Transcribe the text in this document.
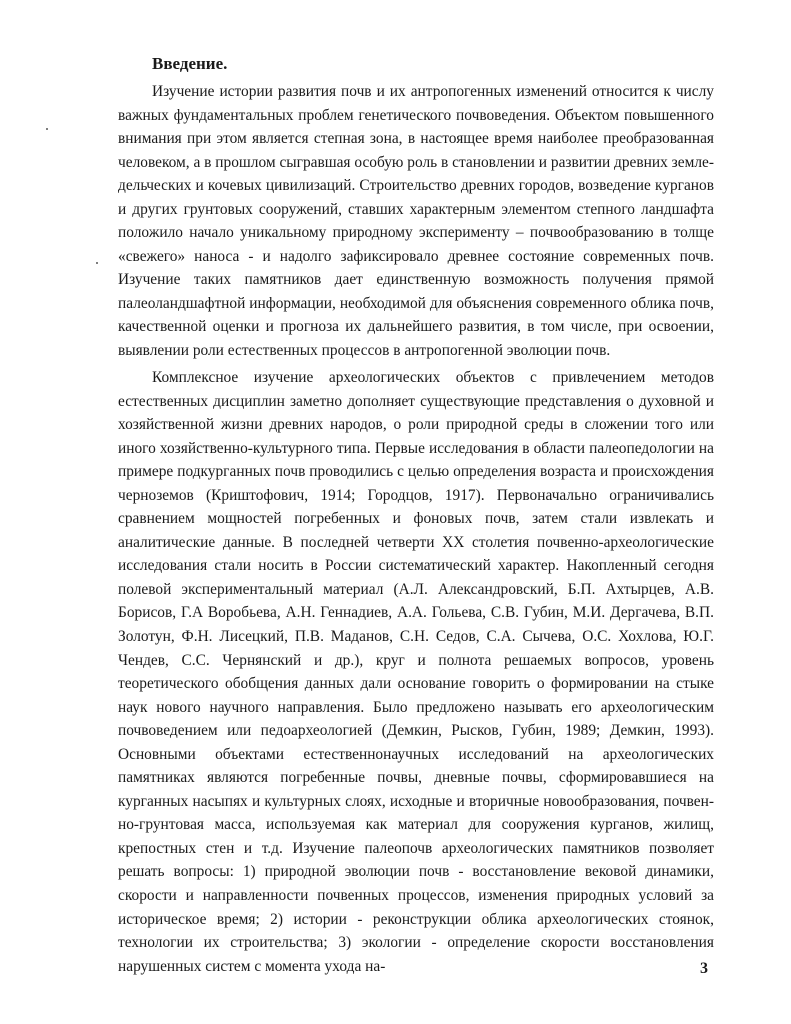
Введение.

Изучение истории развития почв и их антропогенных изменений относится к числу важных фундаментальных проблем генетического почвоведения. Объектом повышенного внимания при этом является степная зона, в настоящее время наиболее преобразованная человеком, а в прошлом сыгравшая особую роль в становлении и развитии древних земледельческих и кочевых цивилизаций. Строительство древних городов, возведение курганов и других грунтовых сооружений, ставших характерным элементом степного ландшафта положило начало уникальному природному эксперименту – почвообразованию в толще «свежего» наноса - и надолго зафиксировало древнее состояние современных почв. Изучение таких памятников дает единственную возможность получения прямой палеоландшафтной информации, необходимой для объяснения современного облика почв, качественной оценки и прогноза их дальнейшего развития, в том числе, при освоении, выявлении роли естественных процессов в антропогенной эволюции почв.

Комплексное изучение археологических объектов с привлечением методов естественных дисциплин заметно дополняет существующие представления о духовной и хозяйственной жизни древних народов, о роли природной среды в сложении того или иного хозяйственно-культурного типа. Первые исследования в области палеопедологии на примере подкурганных почв проводились с целью определения возраста и происхождения черноземов (Криштофович, 1914; Городцов, 1917). Первоначально ограничивались сравнением мощностей погребенных и фоновых почв, затем стали извлекать и аналитические данные. В последней четверти XX столетия почвенно-археологические исследования стали носить в России систематический характер. Накопленный сегодня полевой экспериментальный материал (А.Л. Александровский, Б.П. Ахтырцев, А.В. Борисов, Г.А Воробьева, А.Н. Геннадиев, А.А. Гольева, С.В. Губин, М.И. Дергачева, В.П. Золотун, Ф.Н. Лисецкий, П.В. Маданов, С.Н. Седов, С.А. Сычева, О.С. Хохлова, Ю.Г. Чендев, С.С. Чернянский и др.), круг и полнота решаемых вопросов, уровень теоретического обобщения данных дали основание говорить о формировании на стыке наук нового научного направления. Было предложено называть его археологическим почвоведением или педоархеологией (Демкин, Рысков, Губин, 1989; Демкин, 1993). Основными объектами естественнонаучных исследований на археологических памятниках являются погребенные почвы, дневные почвы, сформировавшиеся на курганных насыпях и культурных слоях, исходные и вторичные новообразования, почвенно-грунтовая масса, используемая как материал для сооружения курганов, жилищ, крепостных стен и т.д. Изучение палеопочв археологических памятников позволяет решать вопросы: 1) природной эволюции почв - восстановление вековой динамики, скорости и направленности почвенных процессов, изменения природных условий за историческое время; 2) истории - реконструкции облика археологических стоянок, технологии их строительства; 3) экологии - определение скорости восстановления нарушенных систем с момента ухода на-	3
